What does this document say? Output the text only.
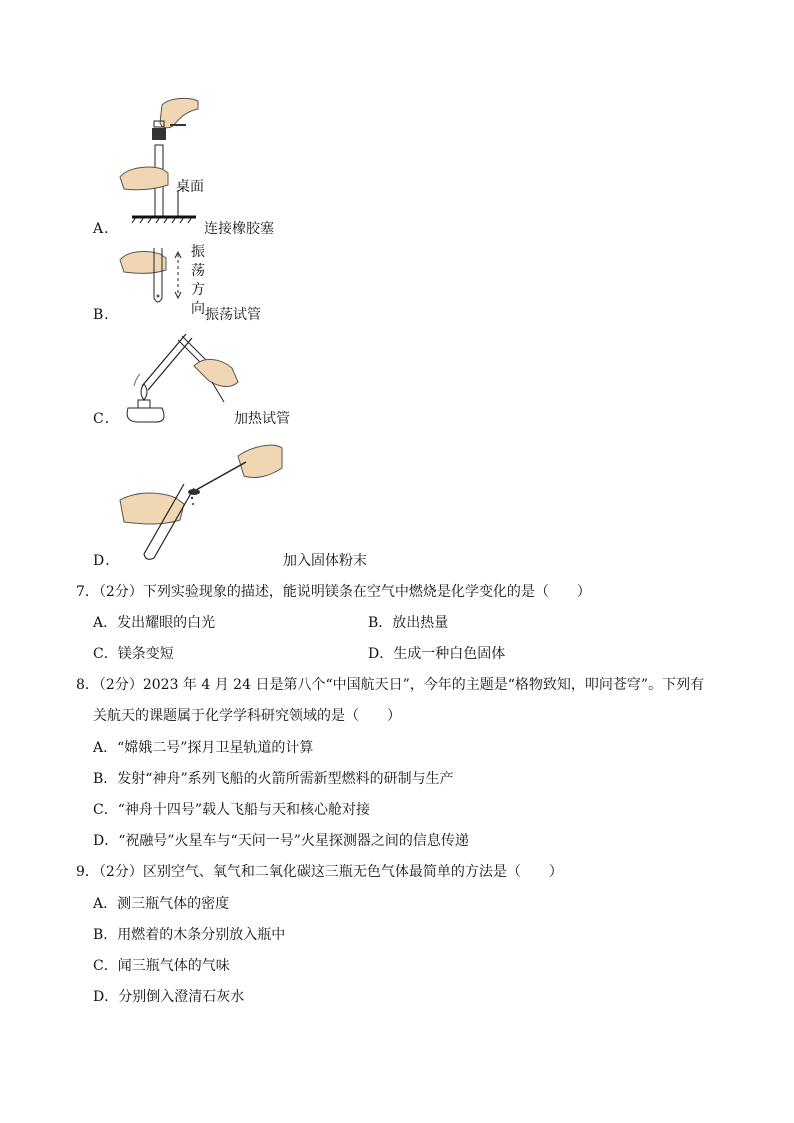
A．
桌面
连接橡胶塞
B．
振
荡
方
向 振荡试管
C．	加热试管
D．	加入固体粉末
7．（2分）下列实验现象的描述，能说明镁条在空气中燃烧是化学变化的是（　　）
A．发出耀眼的白光	B．放出热量
C．镁条变短	D．生成一种白色固体
8．（2分）2023 年 4 月 24 日是第八个“中国航天日”，今年的主题是“格物致知，叩问苍穹”。下列有
关航天的课题属于化学学科研究领域的是（　　）
A．“嫦娥二号”探月卫星轨道的计算
B．发射“神舟”系列飞船的火箭所需新型燃料的研制与生产
C．“神舟十四号”载人飞船与天和核心舱对接
D．“祝融号”火星车与“天问一号”火星探测器之间的信息传递
9．（2分）区别空气、氧气和二氧化碳这三瓶无色气体最简单的方法是（　　）
A．测三瓶气体的密度
B．用燃着的木条分别放入瓶中
C．闻三瓶气体的气味
D．分别倒入澄清石灰水
